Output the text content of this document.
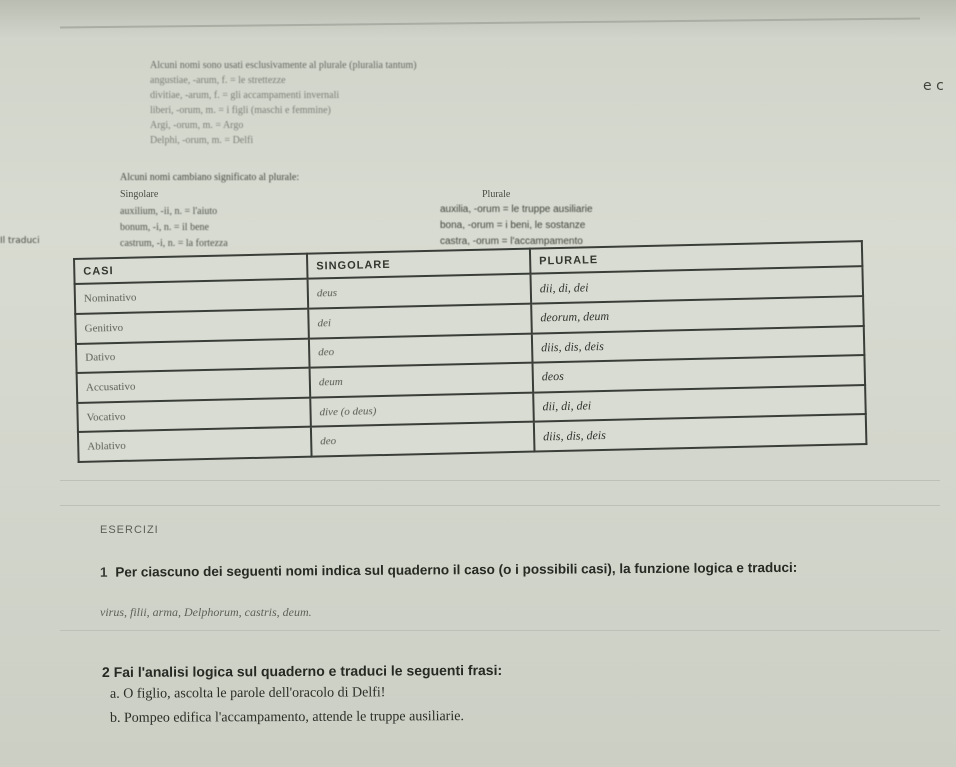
Alcuni nomi sono usati esclusivamente al plurale (pluralia tantum)
angustiae, -arum, f. = le strettezze
divitiae, -arum, f. = gli accampamenti invernali
liberi, -orum, m. = i figli (maschi e femmine)
Argi, -orum, m. = Argo
Delphi, -orum, m. = Delfi
e c
Alcuni nomi cambiano significato al plurale:
Singolare	Plurale
auxilium, -ii, n. = l'aiuto	auxilia, -orum = le truppe ausiliarie
bonum, -i, n. = il bene	bona, -orum = i beni, le sostanze
castrum, -i, n. = la fortezza	castra, -orum = l'accampamento
Il traduci
CASI	SINGOLARE	PLURALE
Nominativo	deus	dii, di, dei
Genitivo	dei	deorum, deum
Dativo	deo	diis, dis, deis
Accusativo	deum	deos
Vocativo	dive (o deus)	dii, di, dei
Ablativo	deo	diis, dis, deis
ESERCIZI
1 Per ciascuno dei seguenti nomi indica sul quaderno il caso (o i possibili casi), la funzione logica e traduci:
virus, filii, arma, Delphorum, castris, deum.
2 Fai l'analisi logica sul quaderno e traduci le seguenti frasi:
a. O figlio, ascolta le parole dell'oracolo di Delfi!
b. Pompeo edifica l'accampamento, attende le truppe ausiliarie.
